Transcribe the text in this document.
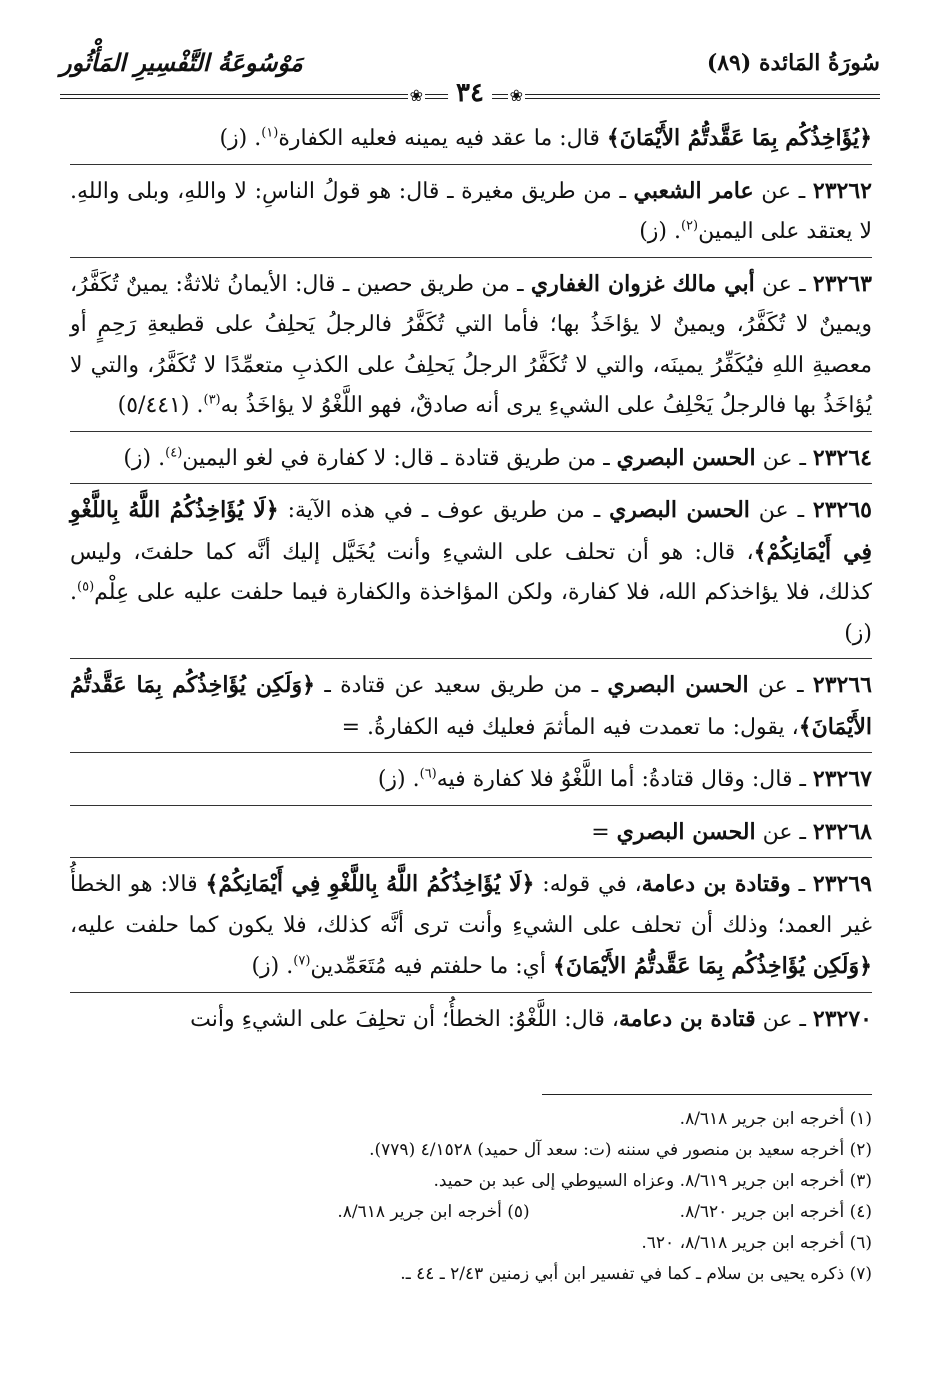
سُورَةُ المَائدة (٨٩)
مَوْسُوعَةُ التَّفْسِيرِ المَأْثُور
❀
٣٤
❀

﴿يُؤَاخِذُكُم بِمَا عَقَّدتُّمُ الأَيْمَانَ﴾ قال: ما عقد فيه يمينه فعليه الكفارة$^{(١)}$. (ز)

٢٣٢٦٢ ـ عن عامر الشعبي ـ من طريق مغيرة ـ قال: هو قولُ الناسِ: لا واللهِ، وبلى واللهِ. لا يعتقد على اليمين$^{(٢)}$. (ز)

٢٣٢٦٣ ـ عن أبي مالك غزوان الغفاري ـ من طريق حصين ـ قال: الأيمانُ ثلاثةٌ: يمينٌ تُكَفَّرُ، ويمينٌ لا تُكَفَّرُ، ويمينٌ لا يؤاخَذُ بها؛ فأما التي تُكَفَّرُ فالرجلُ يَحلِفُ على قطيعةِ رَحِمٍ أو معصيةِ اللهِ فيُكَفِّرُ يمينَه، والتي لا تُكَفَّرُ الرجلُ يَحلِفُ على الكذبِ متعمِّدًا لا تُكَفَّرُ، والتي لا يُؤاخَذُ بها فالرجلُ يَحْلِفُ على الشيءِ يرى أنه صادقٌ، فهو اللَّغْوُ لا يؤاخَذُ به$^{(٣)}$. (٥/٤٤١)

٢٣٢٦٤ ـ عن الحسن البصري ـ من طريق قتادة ـ قال: لا كفارة في لغو اليمين$^{(٤)}$. (ز)

٢٣٢٦٥ ـ عن الحسن البصري ـ من طريق عوف ـ في هذه الآية: ﴿لَا يُؤَاخِذُكُمُ اللَّهُ بِاللَّغْوِ فِي أَيْمَانِكُمْ﴾، قال: هو أن تحلف على الشيءِ وأنت يُخَيَّل إليك أنَّه كما حلفتَ، وليس كذلك، فلا يؤاخذكم الله، فلا كفارة، ولكن المؤاخذة والكفارة فيما حلفت عليه على عِلْم$^{(٥)}$. (ز)

٢٣٢٦٦ ـ عن الحسن البصري ـ من طريق سعيد عن قتادة ـ ﴿وَلَكِن يُؤَاخِذُكُم بِمَا عَقَّدتُّمُ الأَيْمَانَ﴾، يقول: ما تعمدت فيه المأثمَ فعليك فيه الكفارةُ. =

٢٣٢٦٧ ـ قال: وقال قتادةُ: أما اللَّغْوُ فلا كفارة فيه$^{(٦)}$. (ز)

٢٣٢٦٨ ـ عن الحسن البصري =

٢٣٢٦٩ ـ وقتادة بن دعامة، في قوله: ﴿لَا يُؤَاخِذُكُمُ اللَّهُ بِاللَّغْوِ فِي أَيْمَانِكُمْ﴾ قالا: هو الخطأُ غير العمد؛ وذلك أن تحلف على الشيءِ وأنت ترى أنَّه كذلك، فلا يكون كما حلفت عليه، ﴿وَلَكِن يُؤَاخِذُكُم بِمَا عَقَّدتُّمُ الأَيْمَانَ﴾ أي: ما حلفتم فيه مُتَعَمِّدين$^{(٧)}$. (ز)

٢٣٢٧٠ ـ عن قتادة بن دعامة، قال: اللَّغْوُ: الخطأُ؛ أن تحلِفَ على الشيءِ وأنت

(١) أخرجه ابن جرير ٨/٦١٨.
(٢) أخرجه سعيد بن منصور في سننه (ت: سعد آل حميد) ٤/١٥٢٨ (٧٧٩).
(٣) أخرجه ابن جرير ٨/٦١٩. وعزاه السيوطي إلى عبد بن حميد.
(٤) أخرجه ابن جرير ٨/٦٢٠.
(٥) أخرجه ابن جرير ٨/٦١٨.
(٦) أخرجه ابن جرير ٨/٦١٨، ٦٢٠.
(٧) ذكره يحيى بن سلام ـ كما في تفسير ابن أبي زمنين ٢/٤٣ ـ ٤٤ ـ.
